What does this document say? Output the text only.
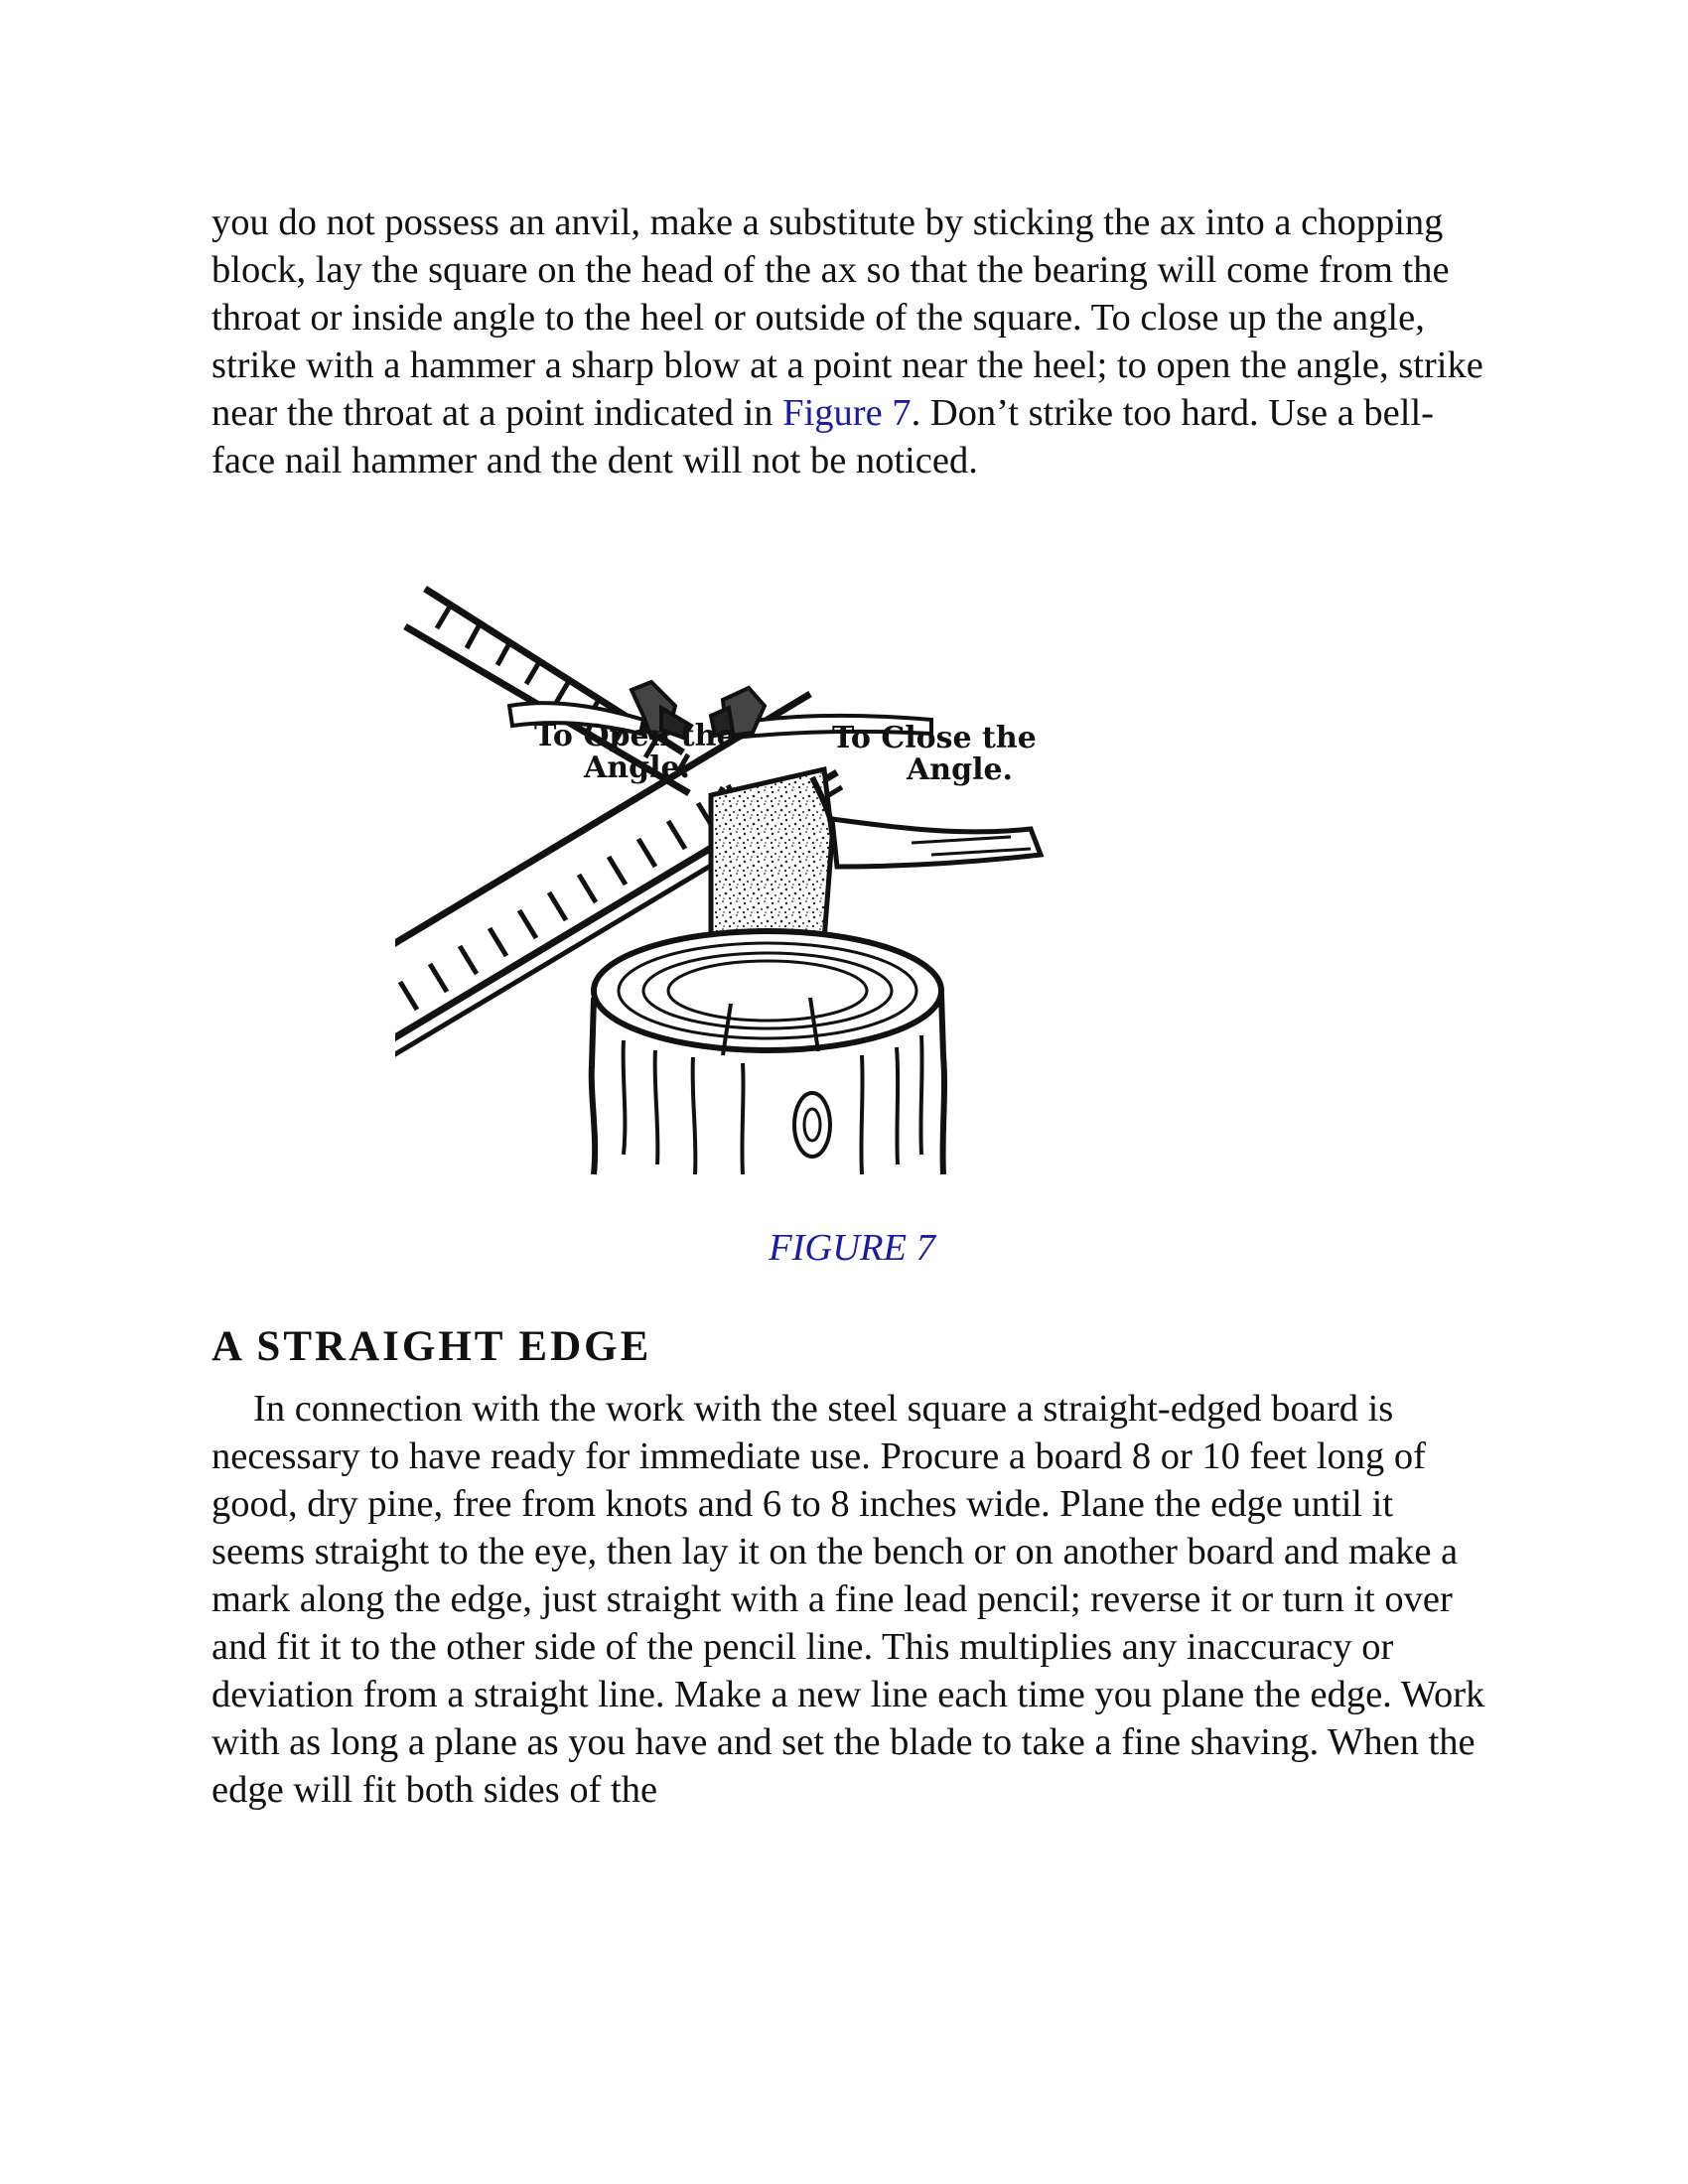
you do not possess an anvil, make a substitute by sticking the ax into a chopping block, lay the square on the head of the ax so that the bearing will come from the throat or inside angle to the heel or outside of the square. To close up the angle, strike with a hammer a sharp blow at a point near the heel; to open the angle, strike near the throat at a point indicated in Figure 7. Don’t strike too hard. Use a bell-face nail hammer and the dent will not be noticed.

To Open the
Angle.
To Close the
Angle.

FIGURE 7

A STRAIGHT EDGE

In connection with the work with the steel square a straight-edged board is necessary to have ready for immediate use. Procure a board 8 or 10 feet long of good, dry pine, free from knots and 6 to 8 inches wide. Plane the edge until it seems straight to the eye, then lay it on the bench or on another board and make a mark along the edge, just straight with a fine lead pencil; reverse it or turn it over and fit it to the other side of the pencil line. This multiplies any inaccuracy or deviation from a straight line. Make a new line each time you plane the edge. Work with as long a plane as you have and set the blade to take a fine shaving. When the edge will fit both sides of the
